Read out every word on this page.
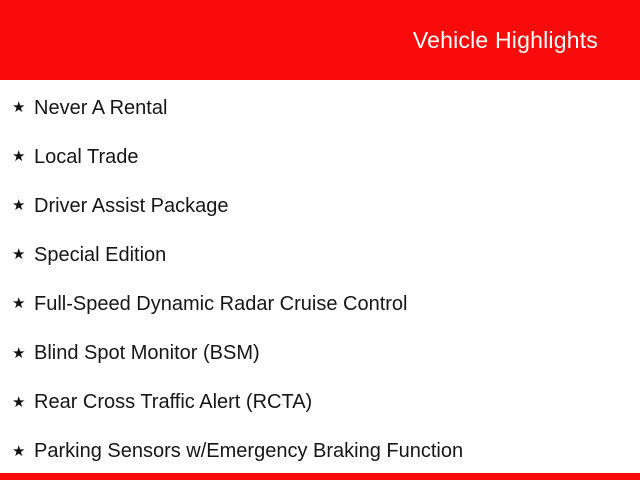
Vehicle Highlights
★ Never A Rental
★ Local Trade
★ Driver Assist Package
★ Special Edition
★ Full-Speed Dynamic Radar Cruise Control
★ Blind Spot Monitor (BSM)
★ Rear Cross Traffic Alert (RCTA)
★ Parking Sensors w/Emergency Braking Function
